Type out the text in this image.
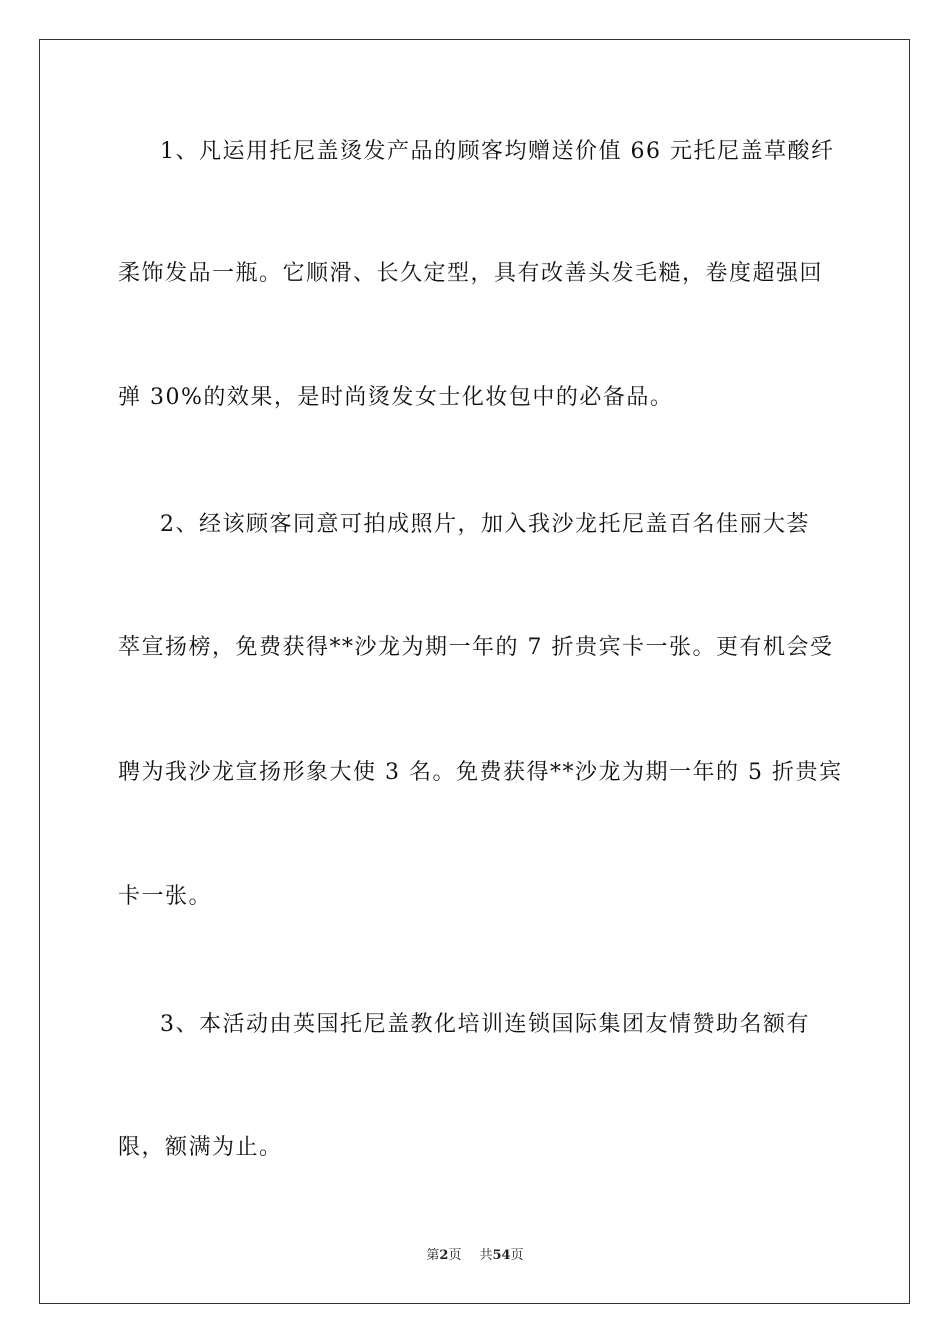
1、凡运用托尼盖烫发产品的顾客均赠送价值 66 元托尼盖草酸纤
柔饰发品一瓶。它顺滑、长久定型，具有改善头发毛糙，卷度超强回
弹 30%的效果，是时尚烫发女士化妆包中的必备品。
2、经该顾客同意可拍成照片，加入我沙龙托尼盖百名佳丽大荟
萃宣扬榜，免费获得**沙龙为期一年的 7 折贵宾卡一张。更有机会受
聘为我沙龙宣扬形象大使 3 名。免费获得**沙龙为期一年的 5 折贵宾
卡一张。
3、本活动由英国托尼盖教化培训连锁国际集团友情赞助名额有
限，额满为止。
第2页 共54页
